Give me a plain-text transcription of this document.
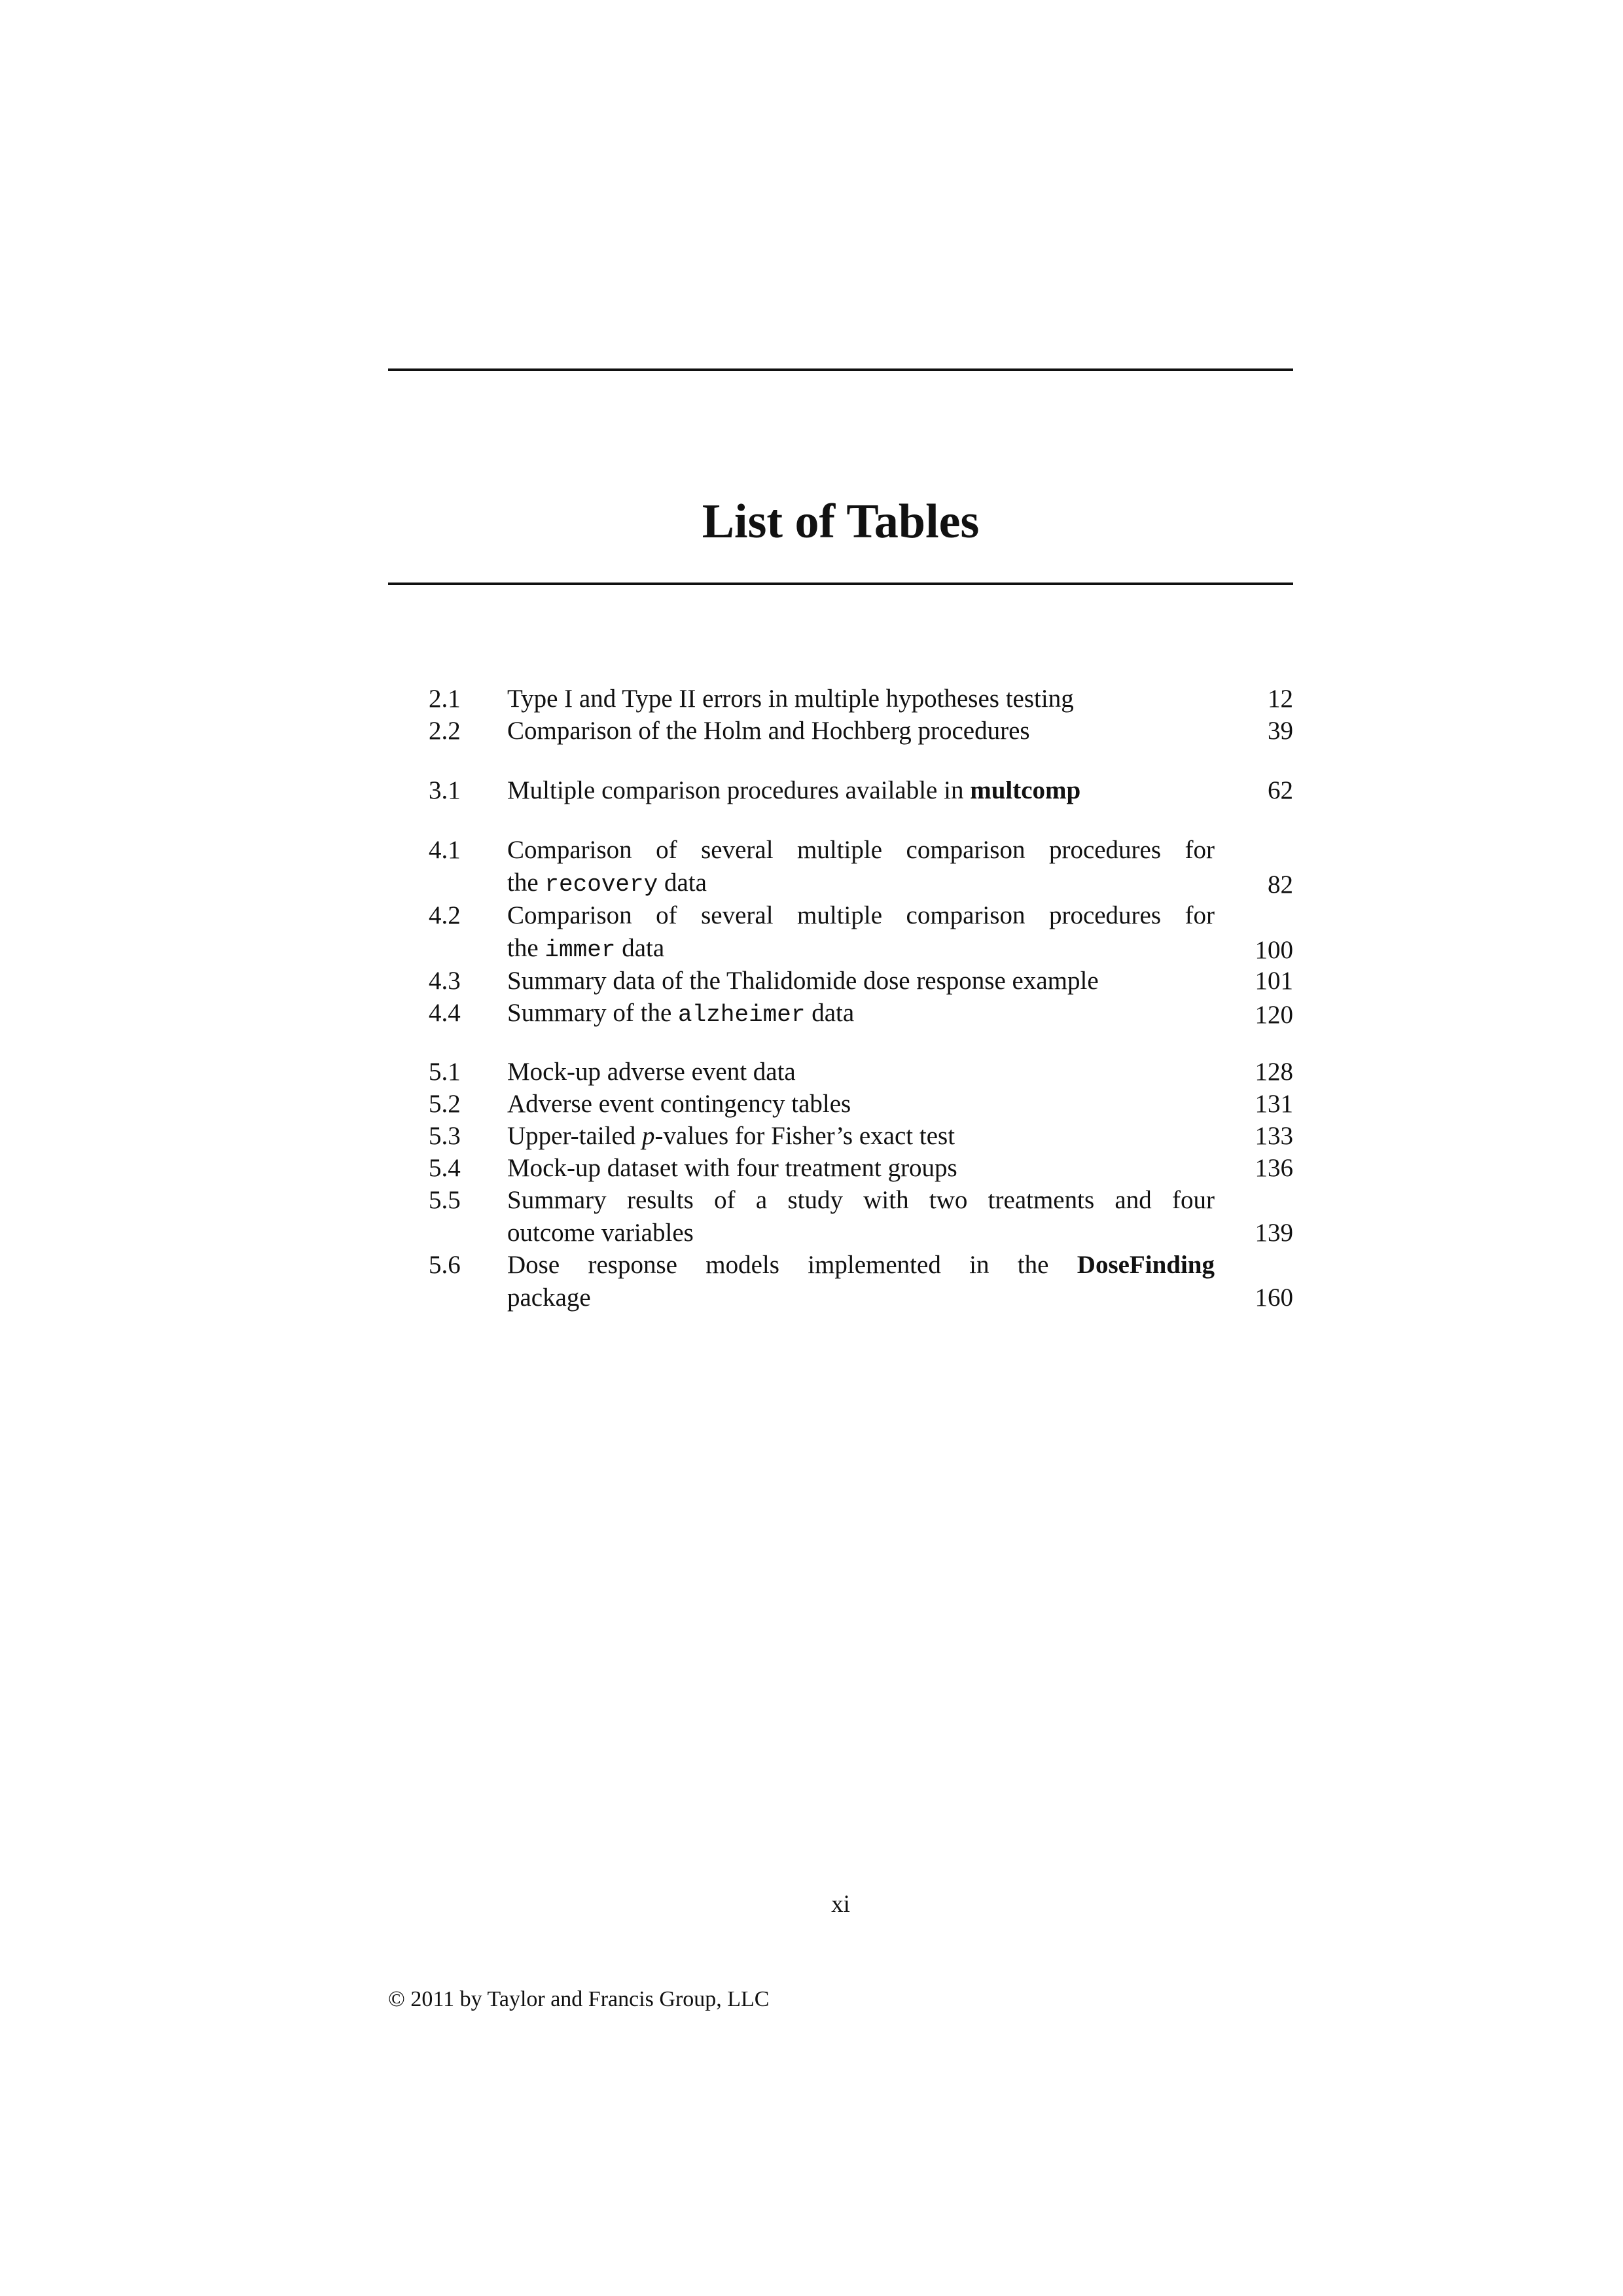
List of Tables
2.1 Type I and Type II errors in multiple hypotheses testing	12
2.2 Comparison of the Holm and Hochberg procedures	39
3.1 Multiple comparison procedures available in multcomp	62
4.1 Comparison of several multiple comparison procedures for
the recovery data	82
4.2 Comparison of several multiple comparison procedures for
the immer data	100
4.3 Summary data of the Thalidomide dose response example	101
4.4 Summary of the alzheimer data	120
5.1 Mock-up adverse event data	128
5.2 Adverse event contingency tables	131
5.3 Upper-tailed p-values for Fisher’s exact test	133
5.4 Mock-up dataset with four treatment groups	136
5.5 Summary results of a study with two treatments and four
outcome variables	139
5.6 Dose response models implemented in the DoseFinding
package	160
xi
© 2011 by Taylor and Francis Group, LLC
